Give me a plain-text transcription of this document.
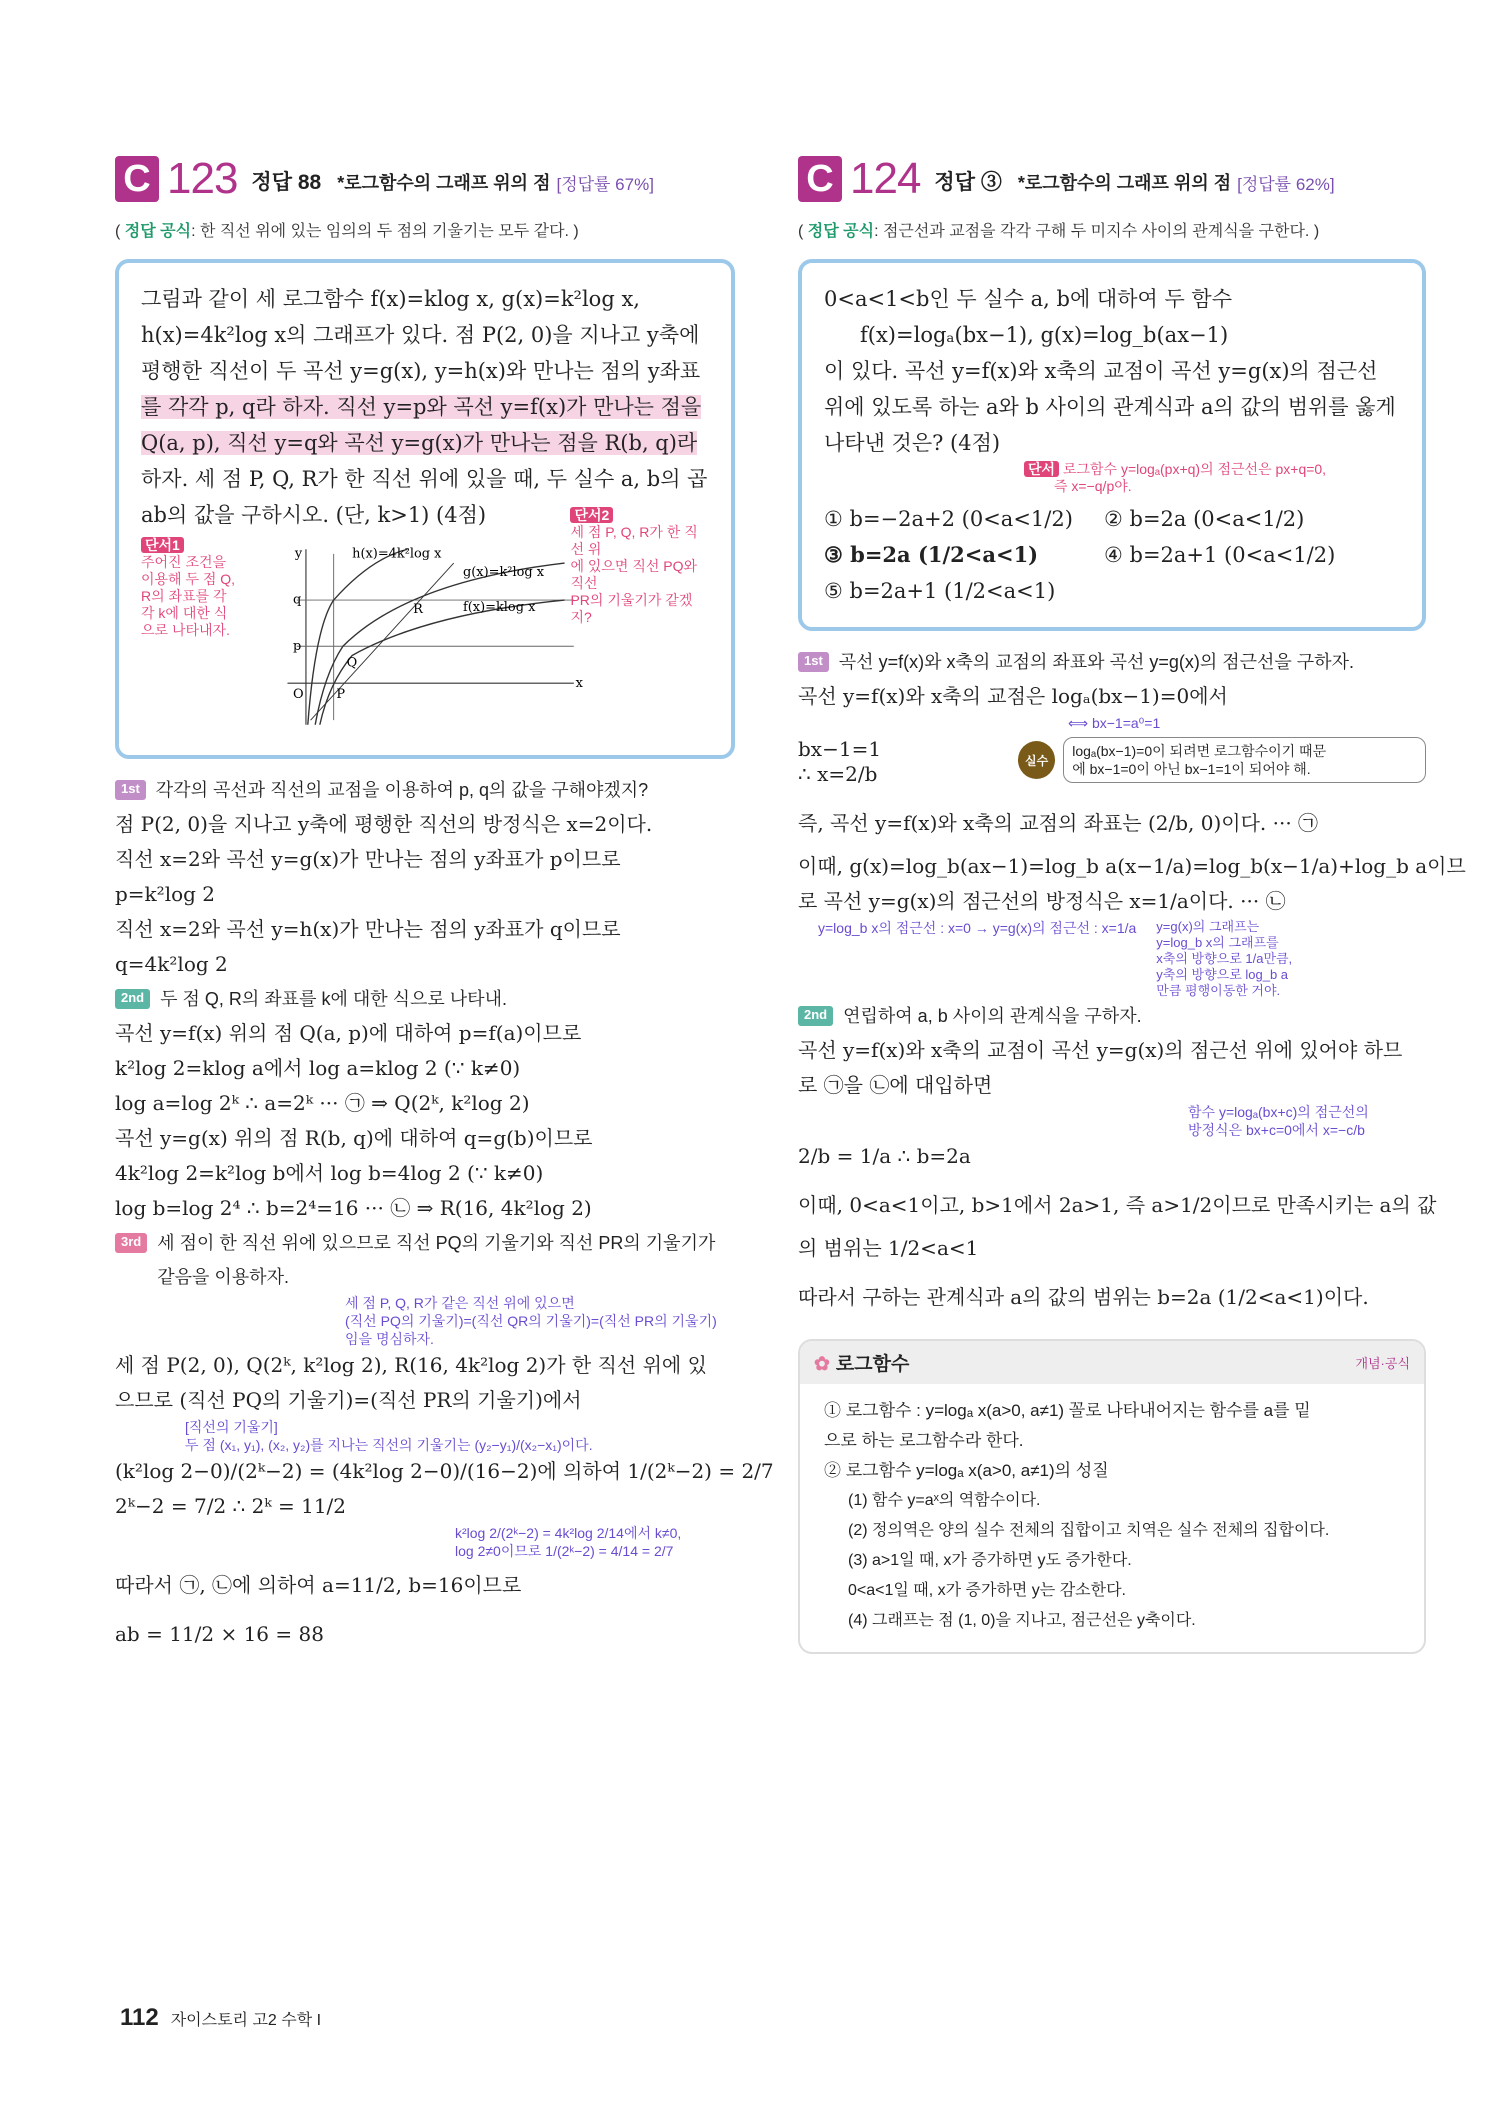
C 123 정답 88 *로그함수의 그래프 위의 점 [정답률 67%]
( 정답 공식: 한 직선 위에 있는 임의의 두 점의 기울기는 모두 같다. )
그림과 같이 세 로그함수 f(x)=klog x, g(x)=k²log x,
h(x)=4k²log x의 그래프가 있다. 점 P(2, 0)을 지나고 y축에
평행한 직선이 두 곡선 y=g(x), y=h(x)와 만나는 점의 y좌표
를 각각 p, q라 하자. 직선 y=p와 곡선 y=f(x)가 만나는 점을
Q(a, p), 직선 y=q와 곡선 y=g(x)가 만나는 점을 R(b, q)라
하자. 세 점 P, Q, R가 한 직선 위에 있을 때, 두 실수 a, b의 곱
ab의 값을 구하시오. (단, k>1) (4점)
단서1
주어진 조건을
이용해 두 점 Q,
R의 좌표를 각
각 k에 대한 식
으로 나타내자.
h(x)=4k²log x
g(x)=k²log x
f(x)=klog x
y
x
O
p
q
P
Q
R
단서2
세 점 P, Q, R가 한 직선 위
에 있으면 직선 PQ와 직선
PR의 기울기가 같겠지?
1st 각각의 곡선과 직선의 교점을 이용하여 p, q의 값을 구해야겠지?
점 P(2, 0)을 지나고 y축에 평행한 직선의 방정식은 x=2이다.
직선 x=2와 곡선 y=g(x)가 만나는 점의 y좌표가 p이므로
p=k²log 2
직선 x=2와 곡선 y=h(x)가 만나는 점의 y좌표가 q이므로
q=4k²log 2
2nd 두 점 Q, R의 좌표를 k에 대한 식으로 나타내.
곡선 y=f(x) 위의 점 Q(a, p)에 대하여 p=f(a)이므로
k²log 2=klog a에서 log a=klog 2 (∵ k≠0)
log a=log 2ᵏ ∴ a=2ᵏ ··· ㉠ ⇒ Q(2ᵏ, k²log 2)
곡선 y=g(x) 위의 점 R(b, q)에 대하여 q=g(b)이므로
4k²log 2=k²log b에서 log b=4log 2 (∵ k≠0)
log b=log 2⁴ ∴ b=2⁴=16 ··· ㉡ ⇒ R(16, 4k²log 2)
3rd 세 점이 한 직선 위에 있으므로 직선 PQ의 기울기와 직선 PR의 기울기가
같음을 이용하자.
세 점 P, Q, R가 같은 직선 위에 있으면
(직선 PQ의 기울기)=(직선 QR의 기울기)=(직선 PR의 기울기)
임을 명심하자.
세 점 P(2, 0), Q(2ᵏ, k²log 2), R(16, 4k²log 2)가 한 직선 위에 있
으므로 (직선 PQ의 기울기)=(직선 PR의 기울기)에서
[직선의 기울기]
두 점 (x₁, y₁), (x₂, y₂)를 지나는 직선의 기울기는 (y₂−y₁)/(x₂−x₁)이다.
(k²log 2−0)/(2ᵏ−2) = (4k²log 2−0)/(16−2)에 의하여 1/(2ᵏ−2) = 2/7
2ᵏ−2 = 7/2 ∴ 2ᵏ = 11/2
k²log 2/(2ᵏ−2) = 4k²log 2/14에서 k≠0,
log 2≠0이므로 1/(2ᵏ−2) = 4/14 = 2/7
따라서 ㉠, ㉡에 의하여 a=11/2, b=16이므로
ab = 11/2 × 16 = 88
C 124 정답 ③ *로그함수의 그래프 위의 점 [정답률 62%]
( 정답 공식: 점근선과 교점을 각각 구해 두 미지수 사이의 관계식을 구한다. )
0<a<1<b인 두 실수 a, b에 대하여 두 함수
f(x)=logₐ(bx−1), g(x)=log_b(ax−1)
이 있다. 곡선 y=f(x)와 x축의 교점이 곡선 y=g(x)의 점근선
위에 있도록 하는 a와 b 사이의 관계식과 a의 값의 범위를 옳게
나타낸 것은? (4점)
단서 로그함수 y=logₐ(px+q)의 점근선은 px+q=0,
즉 x=−q/p야.
① b=−2a+2 (0<a<1/2)	② b=2a (0<a<1/2)
③ b=2a (1/2<a<1)	④ b=2a+1 (0<a<1/2)
⑤ b=2a+1 (1/2<a<1)
1st 곡선 y=f(x)와 x축의 교점의 좌표와 곡선 y=g(x)의 점근선을 구하자.
곡선 y=f(x)와 x축의 교점은 logₐ(bx−1)=0에서
⟺ bx−1=a⁰=1
bx−1=1	실수
logₐ(bx−1)=0이 되려면 로그함수이기 때문
에 bx−1=0이 아닌 bx−1=1이 되어야 해.
∴ x=2/b
즉, 곡선 y=f(x)와 x축의 교점의 좌표는 (2/b, 0)이다. ··· ㉠
이때, g(x)=log_b(ax−1)=log_b a(x−1/a)=log_b(x−1/a)+log_b a이므
로 곡선 y=g(x)의 점근선의 방정식은 x=1/a이다. ··· ㉡
y=log_b x의 점근선 : x=0 → y=g(x)의 점근선 : x=1/a y=g(x)의 그래프는
y=log_b x의 그래프를
x축의 방향으로 1/a만큼,
y축의 방향으로 log_b a
만큼 평행이동한 거야.
2nd 연립하여 a, b 사이의 관계식을 구하자.
곡선 y=f(x)와 x축의 교점이 곡선 y=g(x)의 점근선 위에 있어야 하므
로 ㉠을 ㉡에 대입하면
함수 y=logₐ(bx+c)의 점근선의
방정식은 bx+c=0에서 x=−c/b
2/b = 1/a ∴ b=2a
이때, 0<a<1이고, b>1에서 2a>1, 즉 a>1/2이므로 만족시키는 a의 값
의 범위는 1/2<a<1
따라서 구하는 관계식과 a의 값의 범위는 b=2a (1/2<a<1)이다.
✿ 로그함수	개념·공식
① 로그함수 : y=logₐ x(a>0, a≠1) 꼴로 나타내어지는 함수를 a를 밑
으로 하는 로그함수라 한다.
② 로그함수 y=logₐ x(a>0, a≠1)의 성질
(1) 함수 y=aˣ의 역함수이다.
(2) 정의역은 양의 실수 전체의 집합이고 치역은 실수 전체의 집합이다.
(3) a>1일 때, x가 증가하면 y도 증가한다.
0<a<1일 때, x가 증가하면 y는 감소한다.
(4) 그래프는 점 (1, 0)을 지나고, 점근선은 y축이다.
112 자이스토리 고2 수학 I
